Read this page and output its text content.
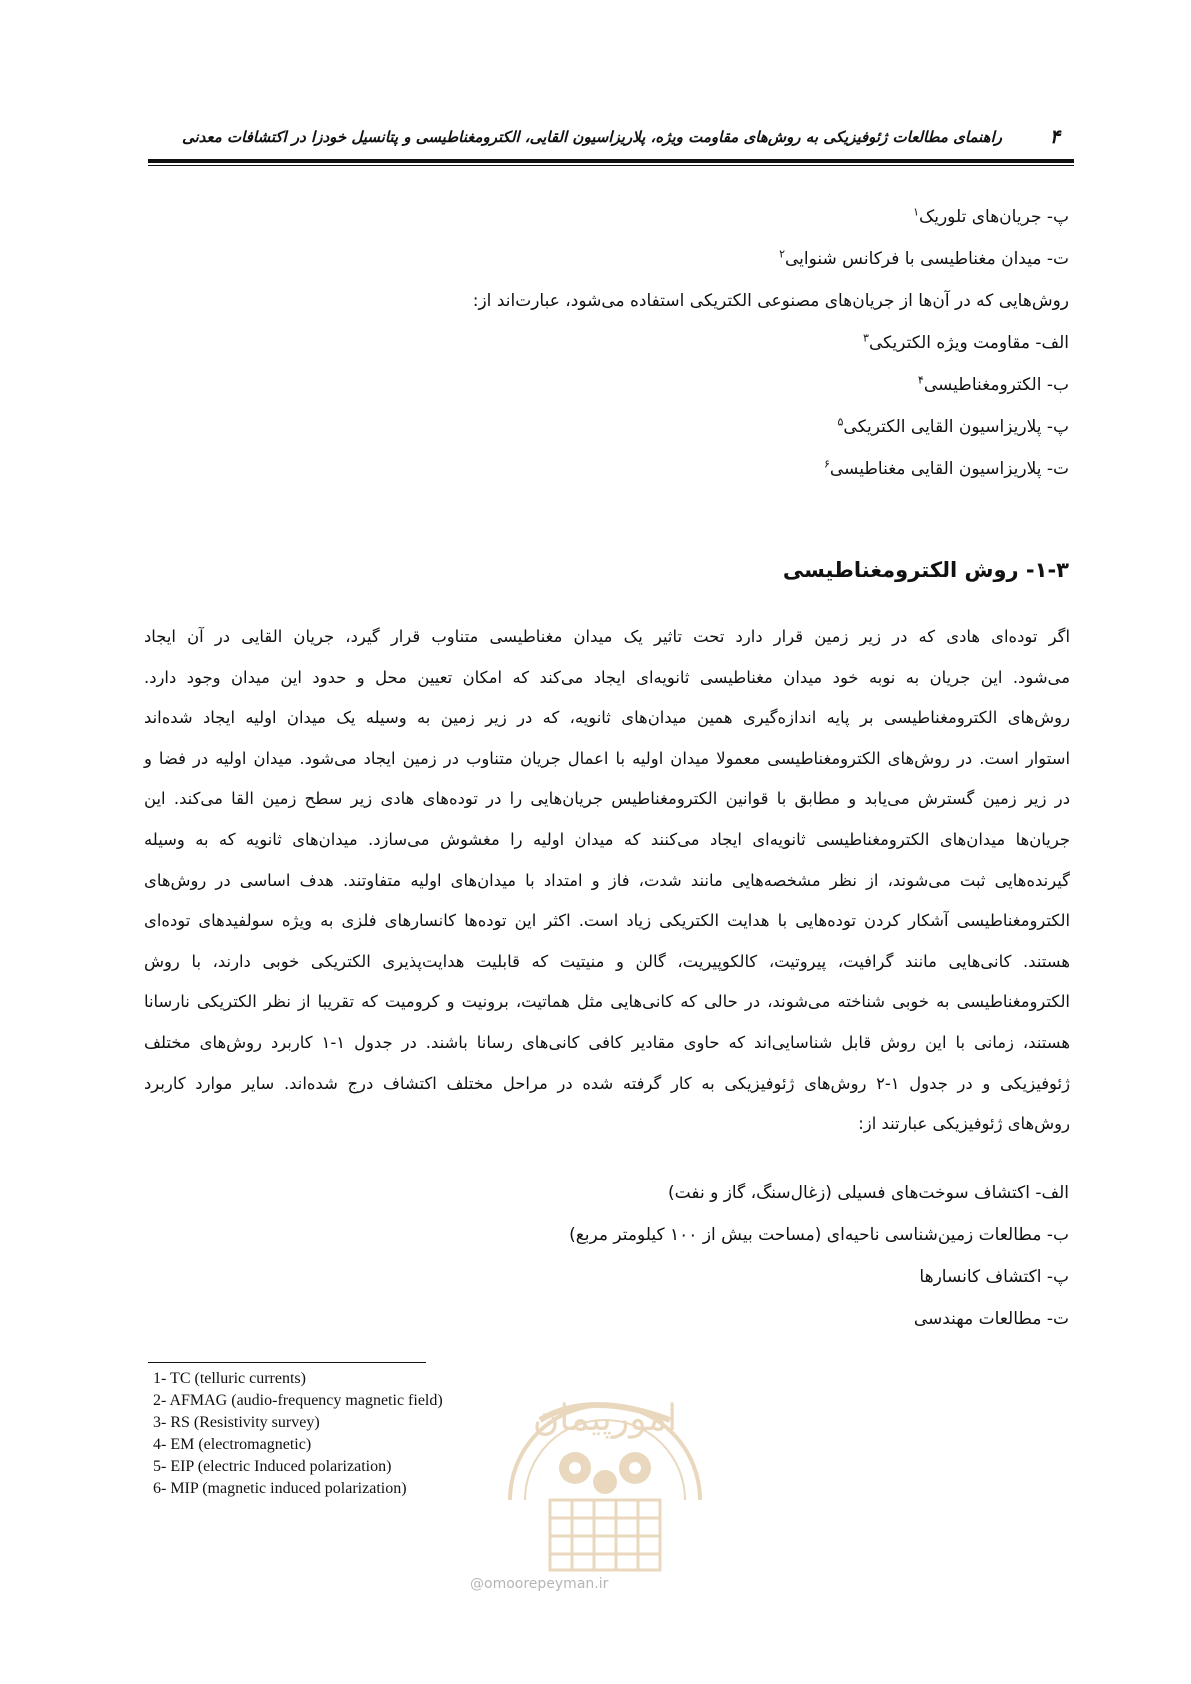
۴
راهنمای مطالعات ژئوفیزیکی به روش‌های مقاومت ویژه، پلاریزاسیون القایی، الکترومغناطیسی و پتانسیل خودزا در اکتشافات معدنی
پ- جریان‌های تلوریک$^۱$
ت- میدان مغناطیسی با فرکانس شنوایی$^۲$
روش‌هایی که در آن‌ها از جریان‌های مصنوعی الکتریکی استفاده می‌شود، عبارت‌اند از:
الف- مقاومت ویژه الکتریکی$^۳$
ب- الکترومغناطیسی$^۴$
پ- پلاریزاسیون القایی الکتریکی$^۵$
ت- پلاریزاسیون القایی مغناطیسی$^۶$
۱-۳- روش الکترومغناطیسی
اگر توده‌ای هادی که در زیر زمین قرار دارد تحت تاثیر یک میدان مغناطیسی متناوب قرار گیرد، جریان القایی در آن ایجاد
می‌شود. این جریان به نوبه خود میدان مغناطیسی ثانویه‌ای ایجاد می‌کند که امکان تعیین محل و حدود این میدان وجود دارد.
روش‌های الکترومغناطیسی بر پایه اندازه‌گیری همین میدان‌های ثانویه، که در زیر زمین به وسیله یک میدان اولیه ایجاد شده‌اند
استوار است. در روش‌های الکترومغناطیسی معمولا میدان اولیه با اعمال جریان متناوب در زمین ایجاد می‌شود. میدان اولیه در فضا و
در زیر زمین گسترش می‌یابد و مطابق با قوانین الکترومغناطیس جریان‌هایی را در توده‌های هادی زیر سطح زمین القا می‌کند. این
جریان‌ها میدان‌های الکترومغناطیسی ثانویه‌ای ایجاد می‌کنند که میدان اولیه را مغشوش می‌سازد. میدان‌های ثانویه که به وسیله
گیرنده‌هایی ثبت می‌شوند، از نظر مشخصه‌هایی مانند شدت، فاز و امتداد با میدان‌های اولیه متفاوتند. هدف اساسی در روش‌های
الکترومغناطیسی آشکار کردن توده‌هایی با هدایت الکتریکی زیاد است. اکثر این توده‌ها کانسارهای فلزی به ویژه سولفیدهای توده‌ای
هستند. کانی‌هایی مانند گرافیت، پیروتیت، کالکوپیریت، گالن و منیتیت که قابلیت هدایت‌پذیری الکتریکی خوبی دارند، با روش
الکترومغناطیسی به خوبی شناخته می‌شوند، در حالی که کانی‌هایی مثل هماتیت، برونیت و کرومیت که تقریبا از نظر الکتریکی نارسانا
هستند، زمانی با این روش قابل شناسایی‌اند که حاوی مقادیر کافی کانی‌های رسانا باشند. در جدول ۱-۱ کاربرد روش‌های مختلف
ژئوفیزیکی و در جدول ۱-۲ روش‌های ژئوفیزیکی به کار گرفته شده در مراحل مختلف اکتشاف درج شده‌اند. سایر موارد کاربرد
روش‌های ژئوفیزیکی عبارتند از:
الف- اکتشاف سوخت‌های فسیلی (زغال‌سنگ، گاز و نفت)
ب- مطالعات زمین‌شناسی ناحیه‌ای (مساحت بیش از ۱۰۰ کیلومتر مربع)
پ- اکتشاف کانسارها
ت- مطالعات مهندسی
امورپیمان
@omoorepeyman.ir
1- TC (telluric currents)
2- AFMAG (audio-frequency magnetic field)
3- RS (Resistivity survey)
4- EM (electromagnetic)
5- EIP (electric Induced polarization)
6- MIP (magnetic induced polarization)
